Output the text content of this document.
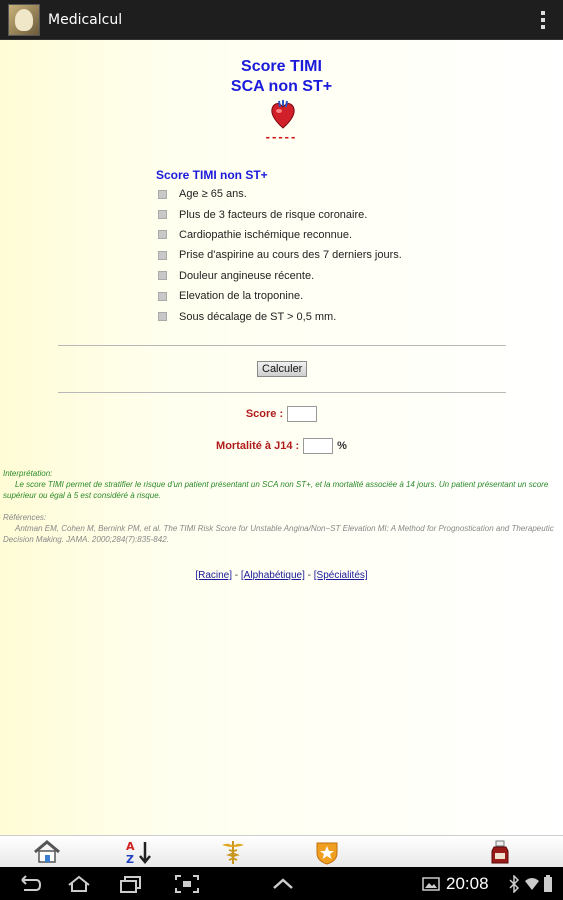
Medicalcul
Score TIMI
SCA non ST+
-----
Score TIMI non ST+
Age ≥ 65 ans.
Plus de 3 facteurs de risque coronaire.
Cardiopathie ischémique reconnue.
Prise d'aspirine au cours des 7 derniers jours.
Douleur angineuse récente.
Elevation de la troponine.
Sous décalage de ST > 0,5 mm.
Calculer
Score :
Mortalité à J14 :	%
Interprétation:
Le score TIMI permet de stratifier le risque d'un patient présentant un SCA non ST+, et la mortalité associée à 14 jours. Un patient présentant un score supérieur ou égal à 5 est considéré à risque.
Références:
Antman EM, Cohen M, Bernink PM, et al. The TIMI Risk Score for Unstable Angina/Non−ST Elevation MI: A Method for Prognostication and Therapeutic Decision Making. JAMA. 2000;284(7):835-842.
[Racine] - [Alphabétique] - [Spécialités]
A
Z
20:08
